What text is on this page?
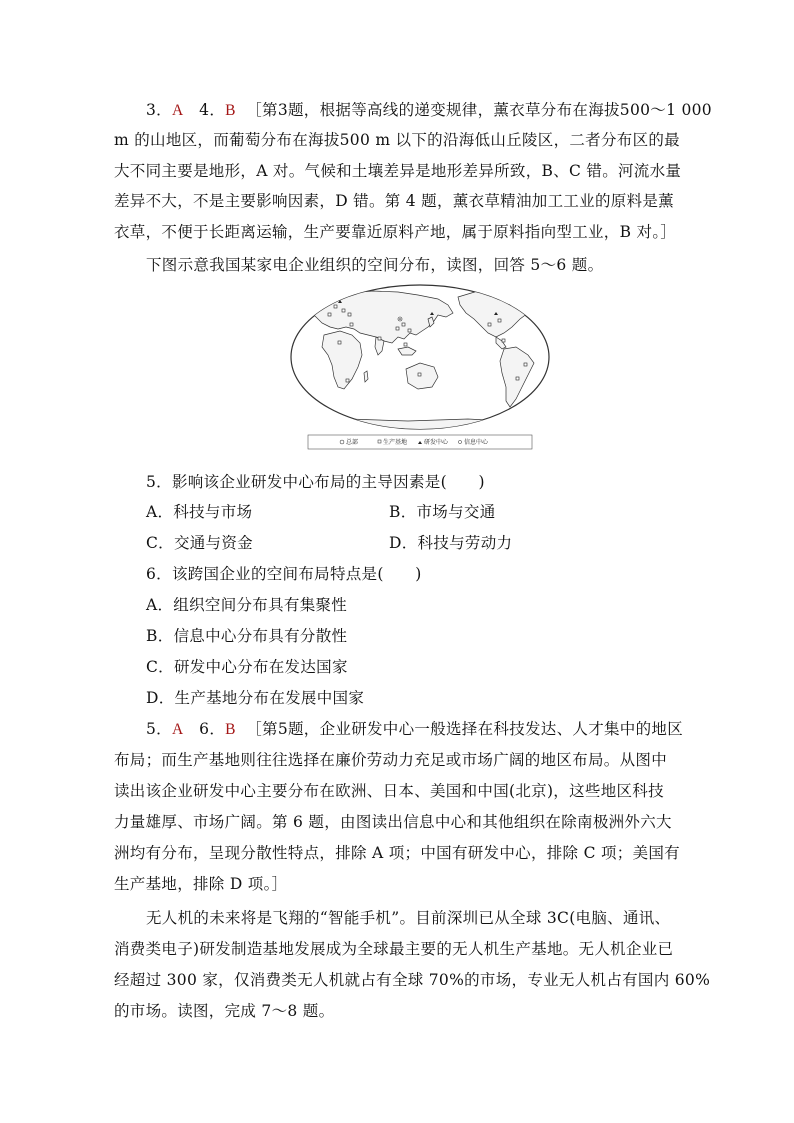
3．A 4．B ［第3题，根据等高线的递变规律，薰衣草分布在海拔500～1 000
m 的山地区，而葡萄分布在海拔500 m 以下的沿海低山丘陵区，二者分布区的最
大不同主要是地形，A 对。气候和土壤差异是地形差异所致，B、C 错。河流水量
差异不大，不是主要影响因素，D 错。第 4 题，薰衣草精油加工工业的原料是薰
衣草，不便于长距离运输，生产要靠近原料产地，属于原料指向型工业，B 对。］
下图示意我国某家电企业组织的空间分布，读图，回答 5～6 题。
总部	生产基地	研发中心	信息中心
5．影响该企业研发中心布局的主导因素是(　　)
A．科技与市场	B．市场与交通
C．交通与资金	D．科技与劳动力
6．该跨国企业的空间布局特点是(　　)
A．组织空间分布具有集聚性
B．信息中心分布具有分散性
C．研发中心分布在发达国家
D．生产基地分布在发展中国家
5．A 6．B ［第5题，企业研发中心一般选择在科技发达、人才集中的地区
布局；而生产基地则往往选择在廉价劳动力充足或市场广阔的地区布局。从图中
读出该企业研发中心主要分布在欧洲、日本、美国和中国(北京)，这些地区科技
力量雄厚、市场广阔。第 6 题，由图读出信息中心和其他组织在除南极洲外六大
洲均有分布，呈现分散性特点，排除 A 项；中国有研发中心，排除 C 项；美国有
生产基地，排除 D 项。］
无人机的未来将是飞翔的“智能手机”。目前深圳已从全球 3C(电脑、通讯、
消费类电子)研发制造基地发展成为全球最主要的无人机生产基地。无人机企业已
经超过 300 家，仅消费类无人机就占有全球 70%的市场，专业无人机占有国内 60%
的市场。读图，完成 7～8 题。
